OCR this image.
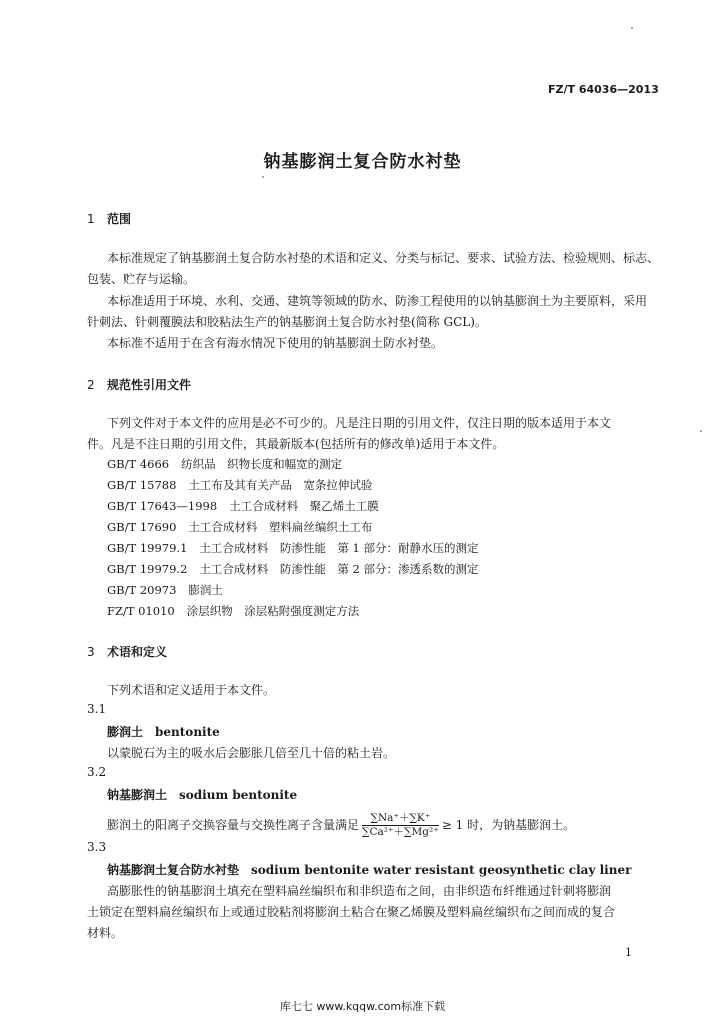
FZ/T 64036—2013
钠基膨润土复合防水衬垫
1 范围
本标准规定了钠基膨润土复合防水衬垫的术语和定义、分类与标记、要求、试验方法、检验规则、标志、
包装、贮存与运输。
本标准适用于环境、水利、交通、建筑等领域的防水、防渗工程使用的以钠基膨润土为主要原料，采用
针刺法、针刺覆膜法和胶粘法生产的钠基膨润土复合防水衬垫(简称 GCL)。
本标准不适用于在含有海水情况下使用的钠基膨润土防水衬垫。
2 规范性引用文件
下列文件对于本文件的应用是必不可少的。凡是注日期的引用文件，仅注日期的版本适用于本文
件。凡是不注日期的引用文件，其最新版本(包括所有的修改单)适用于本文件。
GB/T 4666 纺织品　织物长度和幅宽的测定
GB/T 15788 土工布及其有关产品　宽条拉伸试验
GB/T 17643—1998 土工合成材料　聚乙烯土工膜
GB/T 17690 土工合成材料　塑料扁丝编织土工布
GB/T 19979.1 土工合成材料　防渗性能　第 1 部分：耐静水压的测定
GB/T 19979.2 土工合成材料　防渗性能　第 2 部分：渗透系数的测定
GB/T 20973 膨润土
FZ/T 01010 涂层织物　涂层粘附强度测定方法
3 术语和定义
下列术语和定义适用于本文件。
3.1
膨润土 bentonite
以蒙脱石为主的吸水后会膨胀几倍至几十倍的粘土岩。
3.2
钠基膨润土 sodium bentonite
膨润土的阳离子交换容量与交换性离子含量满足 $\frac{\sum Na^++\sum K^+}{\text{∑Ca²⁺＋∑Mg²⁺}} \ge 1$ 时，为钠基膨润土。
3.3
钠基膨润土复合防水衬垫 sodium bentonite water resistant geosynthetic clay liner
高膨胀性的钠基膨润土填充在塑料扁丝编织布和非织造布之间，由非织造布纤维通过针刺将膨润
土锁定在塑料扁丝编织布上或通过胶粘剂将膨润土粘合在聚乙烯膜及塑料扁丝编织布之间而成的复合
材料。
1
库七七 www.kqqw.com标准下载
